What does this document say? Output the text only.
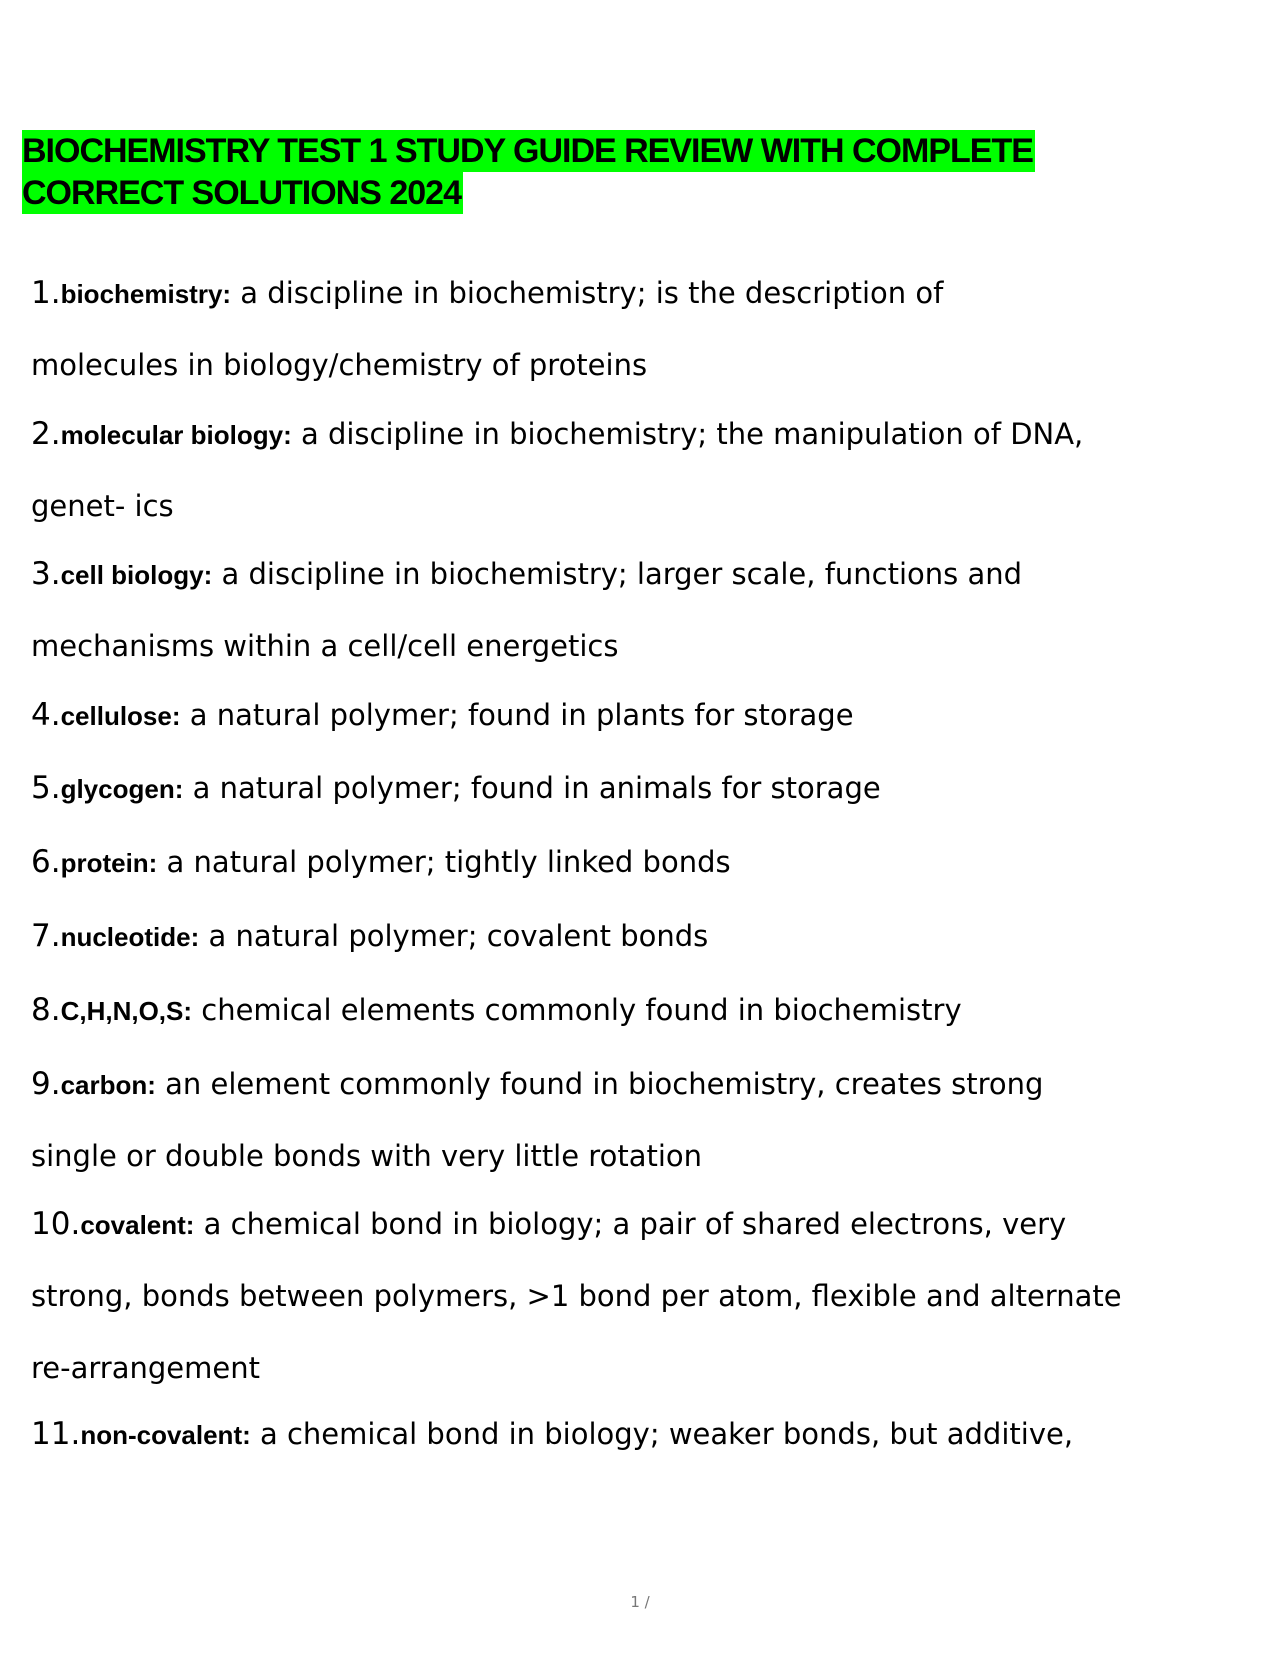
BIOCHEMISTRY TEST 1 STUDY GUIDE REVIEW WITH COMPLETE
CORRECT SOLUTIONS 2024
1.biochemistry: a discipline in biochemistry; is the description of
molecules in biology/chemistry of proteins
2.molecular biology: a discipline in biochemistry; the manipulation of DNA,
genet- ics
3.cell biology: a discipline in biochemistry; larger scale, functions and
mechanisms within a cell/cell energetics
4.cellulose: a natural polymer; found in plants for storage
5.glycogen: a natural polymer; found in animals for storage
6.protein: a natural polymer; tightly linked bonds
7.nucleotide: a natural polymer; covalent bonds
8.C,H,N,O,S: chemical elements commonly found in biochemistry
9.carbon: an element commonly found in biochemistry, creates strong
single or double bonds with very little rotation
10.covalent: a chemical bond in biology; a pair of shared electrons, very
strong, bonds between polymers, >1 bond per atom, flexible and alternate
re-arrangement
11.non-covalent: a chemical bond in biology; weaker bonds, but additive,
1 /
